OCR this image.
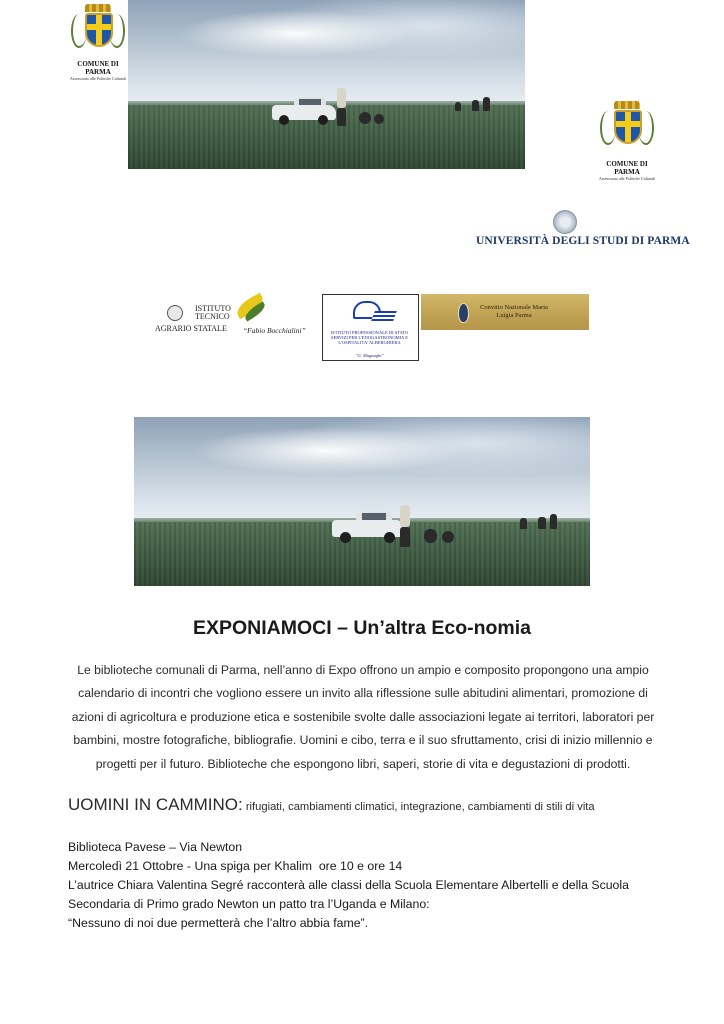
COMUNE DI PARMA
Assessorato alle Politiche Culturali
COMUNE DI PARMA
Assessorato alle Politiche Culturali
UNIVERSITÀ DEGLI STUDI DI PARMA
ISTITUTO
TECNICO
AGRARIO STATALE “Fabio Bocchialini”	ISTITUTO PROFESSIONALE DI STATO SERVIZI PER L'ENOGASTRONOMIA E L'OSPITALITA' ALBERGHIERA
"G. Magnaghi"
Convitto Nazionale Maria Luigia Parma
EXPONIAMOCI – Un’altra Eco-nomia
Le biblioteche comunali di Parma, nell’anno di Expo offrono un ampio e composito propongono una ampio calendario di incontri che vogliono essere un invito alla riflessione sulle abitudini alimentari, promozione di azioni di agricoltura e produzione etica e sostenibile svolte dalle associazioni legate ai territori, laboratori per bambini, mostre fotografiche, bibliografie. Uomini e cibo, terra e il suo sfruttamento, crisi di inizio millennio e progetti per il futuro. Biblioteche che espongono libri, saperi, storie di vita e degustazioni di prodotti.
UOMINI IN CAMMINO: rifugiati, cambiamenti climatici, integrazione, cambiamenti di stili di vita
Biblioteca Pavese – Via Newton
Mercoledì 21 Ottobre - Una spiga per Khalim  ore 10 e ore 14
L’autrice Chiara Valentina Segré racconterà alle classi della Scuola Elementare Albertelli e della Scuola Secondaria di Primo grado Newton un patto tra l’Uganda e Milano:
“Nessuno di noi due permetterà che l’altro abbia fame”.
